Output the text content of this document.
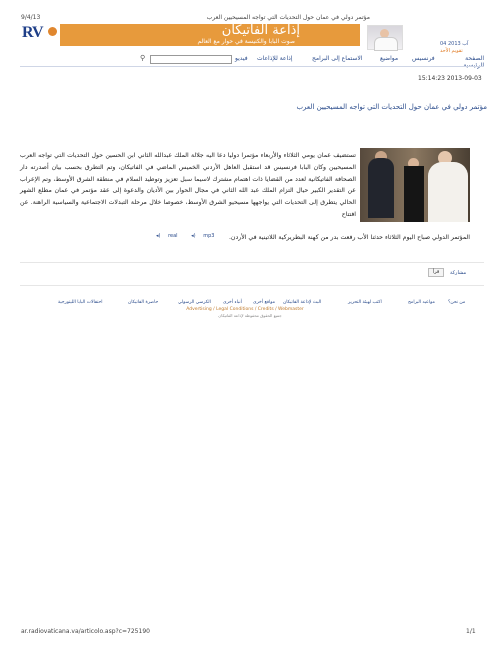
9/4/13	مؤتمر دولي في عمان حول التحديات التي تواجه المسيحيين العرب
RV	إذاعة الفاتيكان
صوت البابا والكنيسة في حوار مع العالم	04 آب 2013
تقويم الأحد
الصفحة
فرنسيس
مواضيع
الاستماع إلى البرامج
إذاعة للإذاعات
فيديو
⚲
15:14:23 2013-09-03
مؤتمر دولي في عمان حول التحديات التي تواجه المسيحيين العرب
تستضيف عمان يومي الثلاثاء والأربعاء مؤتمرا دوليا دعا اليه جلالة الملك عبدالله الثاني ابن الحسين حول التحديات التي تواجه العرب المسيحيين وكان البابا فرنسيس قد استقبل العاهل الأردني الخميس الماضي في الفاتيكان، وتم التطرق بحسب بيان أصدرته دار الصحافة الفاتيكانية لعدد من القضايا ذات اهتمام مشترك لاسيما سبل تعزيز وتوطيد السلام في منطقة الشرق الأوسط، وتم الإعراب عن التقدير الكبير حيال التزام الملك عبد الله الثاني في مجال الحوار بين الأديان والدعوة إلى عقد مؤتمر في عمان مطلع الشهر الحالي يتطرق إلى التحديات التي يواجهها مسيحيو الشرق الأوسط، خصوصا خلال مرحلة التبدلات الاجتماعية والسياسية الراهنة. عن افتتاح
المؤتمر الدولي صباح اليوم الثلاثاء حدثنا الأب رفعت بدر من كهنة البطريركية اللاتينية في الأردن.
◂) real	◂) mp3
مشاركة
قرأ
من نحن؟
مواعيد البرامج
اكتب لهيئة التحرير
البث لإذاعة الفاتيكان
مواقع أخرى
أنباء أخرى
الكرسي الرسولي
حاضرة الفاتيكان
احتفالات البابا الليتورجية
Advertising / Legal Conditions / Credits / Webmaster
جميع الحقوق محفوظة لإذاعة الفاتيكان
ar.radiovaticana.va/articolo.asp?c=725190	1/1
